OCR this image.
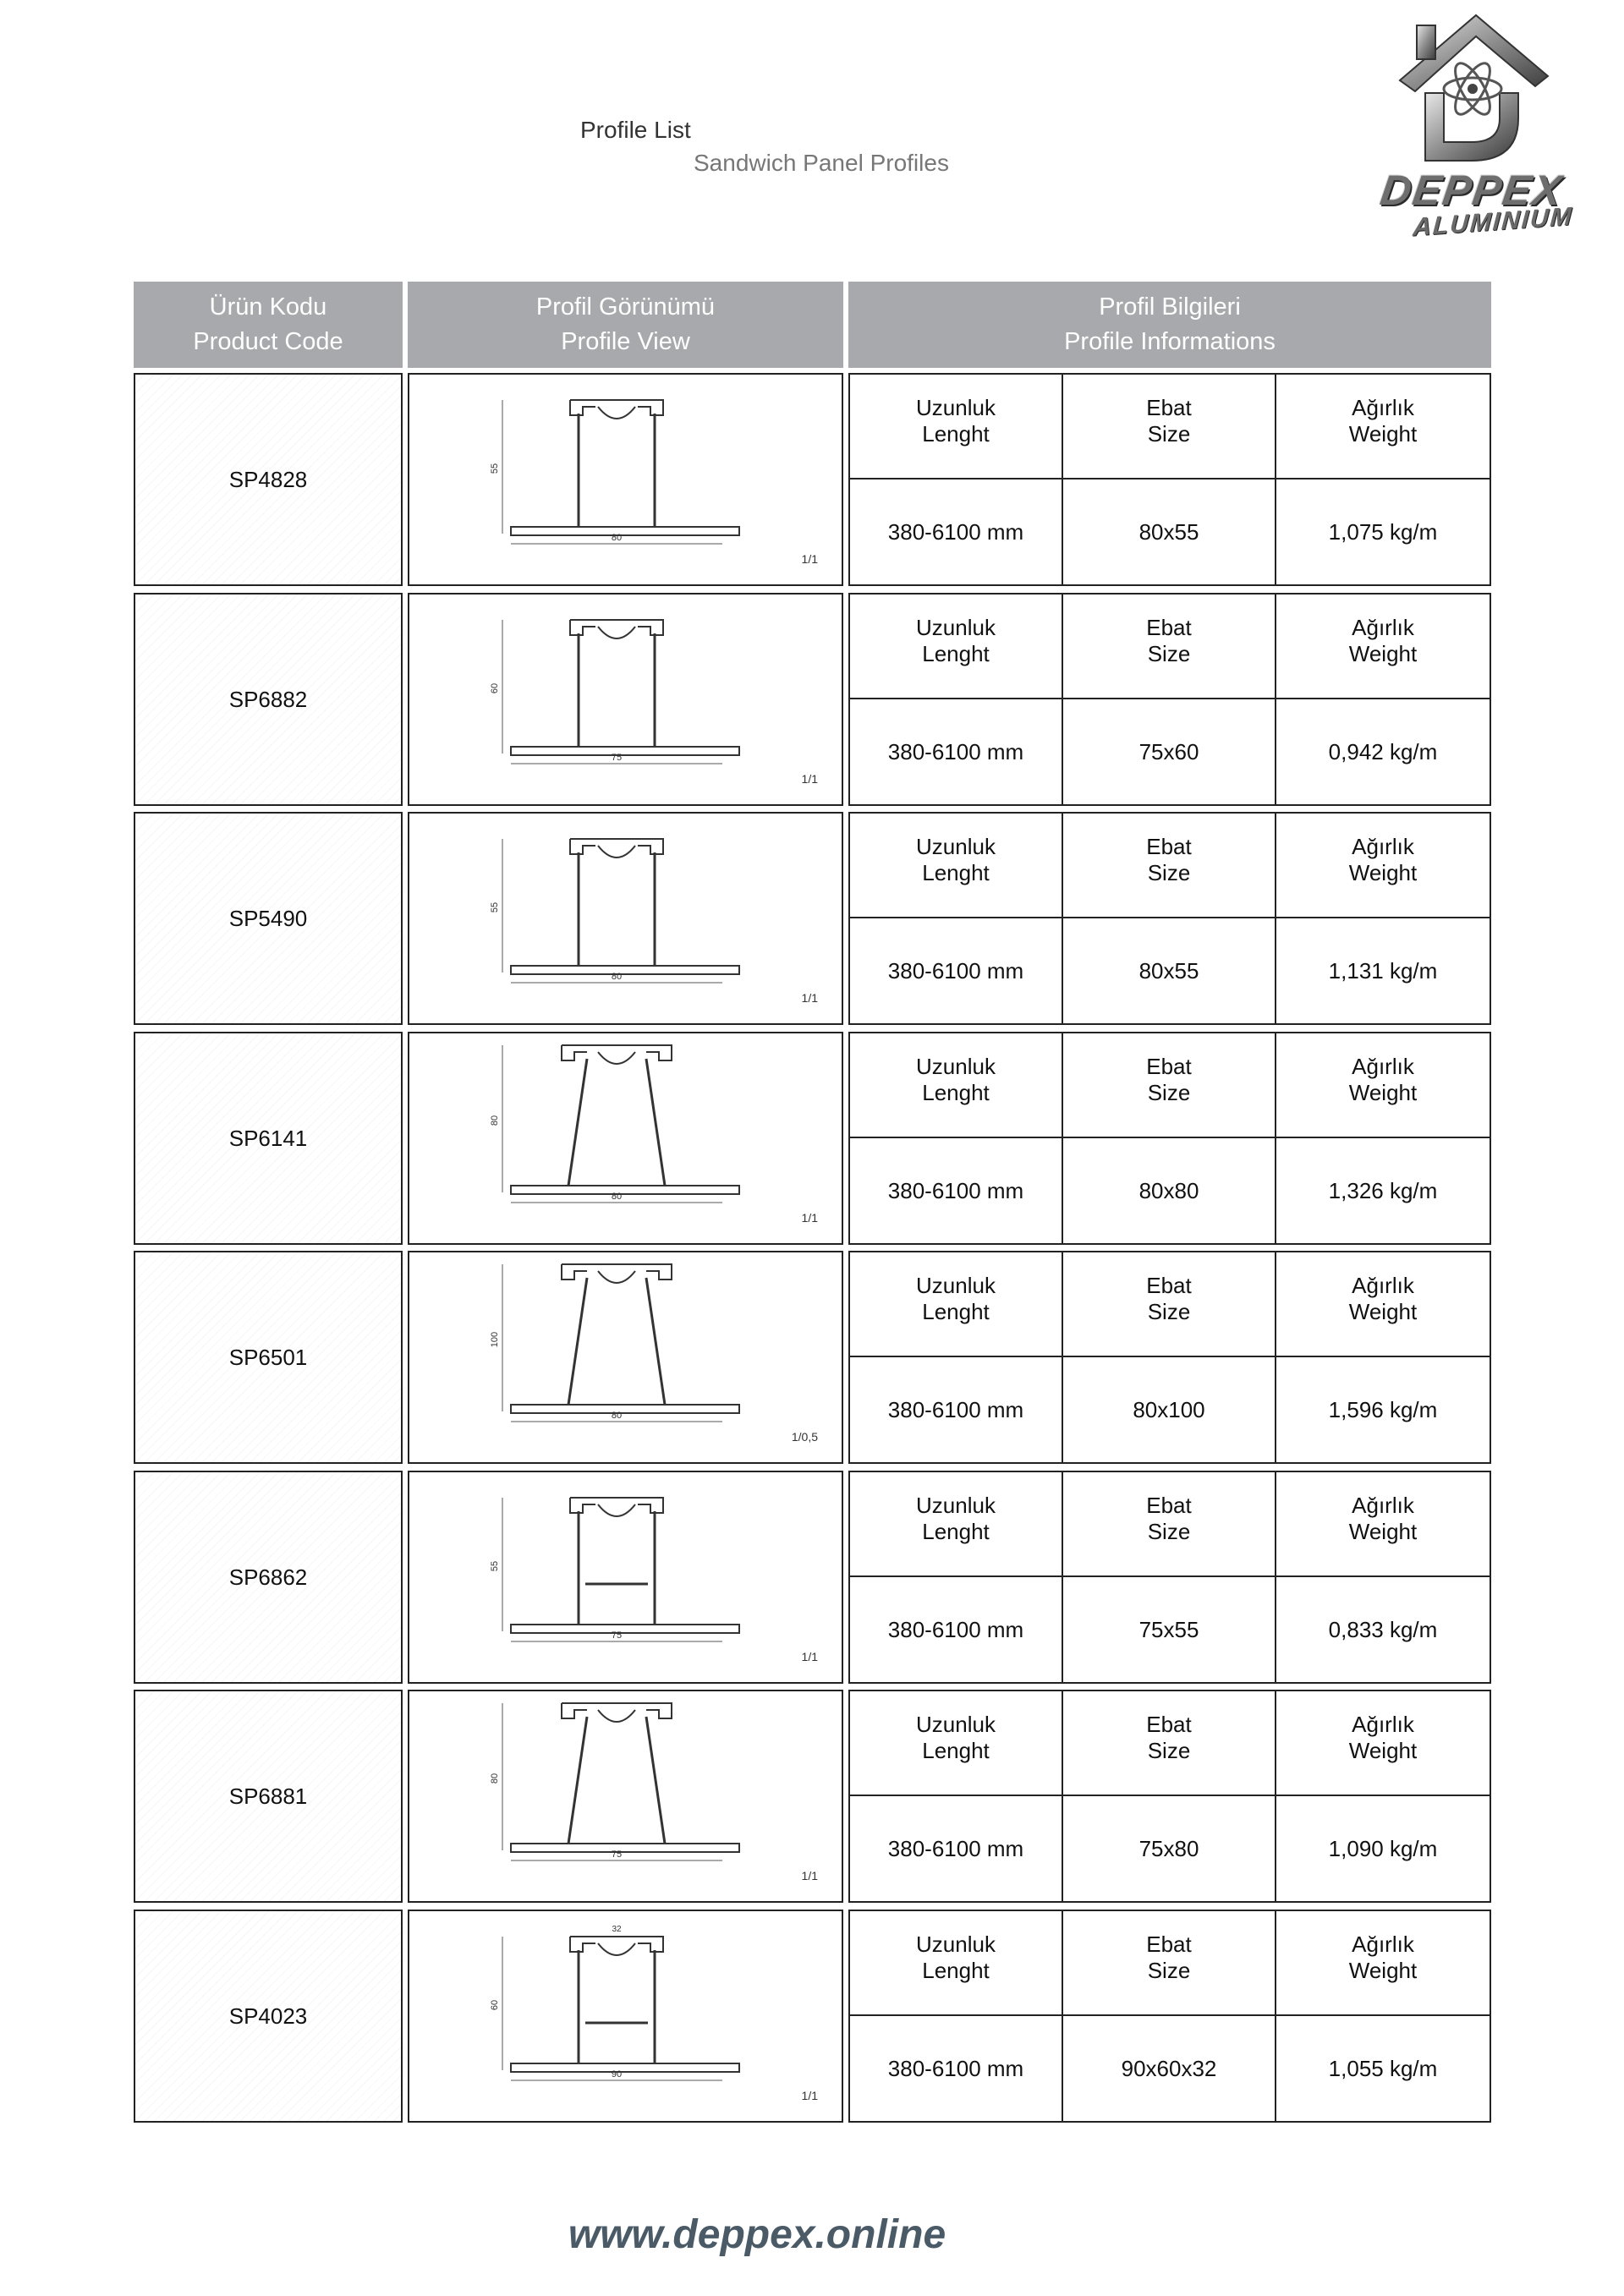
Profile List
Sandwich Panel Profiles
DEPPEX
ALUMINIUM
Ürün Kodu
Product Code
Profil Görünümü
Profile View
Profil Bilgileri
Profile Informations
SP4828
80
55
1/1
Uzunluk
Lenght
Ebat
Size
Ağırlık
Weight
380-6100 mm	80x55	1,075 kg/m
SP6882
75
60
1/1
Uzunluk
Lenght
Ebat
Size
Ağırlık
Weight
380-6100 mm	75x60	0,942 kg/m
SP5490
80
55
1/1
Uzunluk
Lenght
Ebat
Size
Ağırlık
Weight
380-6100 mm	80x55	1,131 kg/m
SP6141
80
80
1/1
Uzunluk
Lenght
Ebat
Size
Ağırlık
Weight
380-6100 mm	80x80	1,326 kg/m
SP6501
80
100
1/0,5
Uzunluk
Lenght
Ebat
Size
Ağırlık
Weight
380-6100 mm	80x100	1,596 kg/m
SP6862
75
55
1/1
Uzunluk
Lenght
Ebat
Size
Ağırlık
Weight
380-6100 mm	75x55	0,833 kg/m
SP6881
75
80
1/1
Uzunluk
Lenght
Ebat
Size
Ağırlık
Weight
380-6100 mm	75x80	1,090 kg/m
SP4023
90
60
32
1/1
Uzunluk
Lenght
Ebat
Size
Ağırlık
Weight
380-6100 mm	90x60x32	1,055 kg/m
www.deppex.online
